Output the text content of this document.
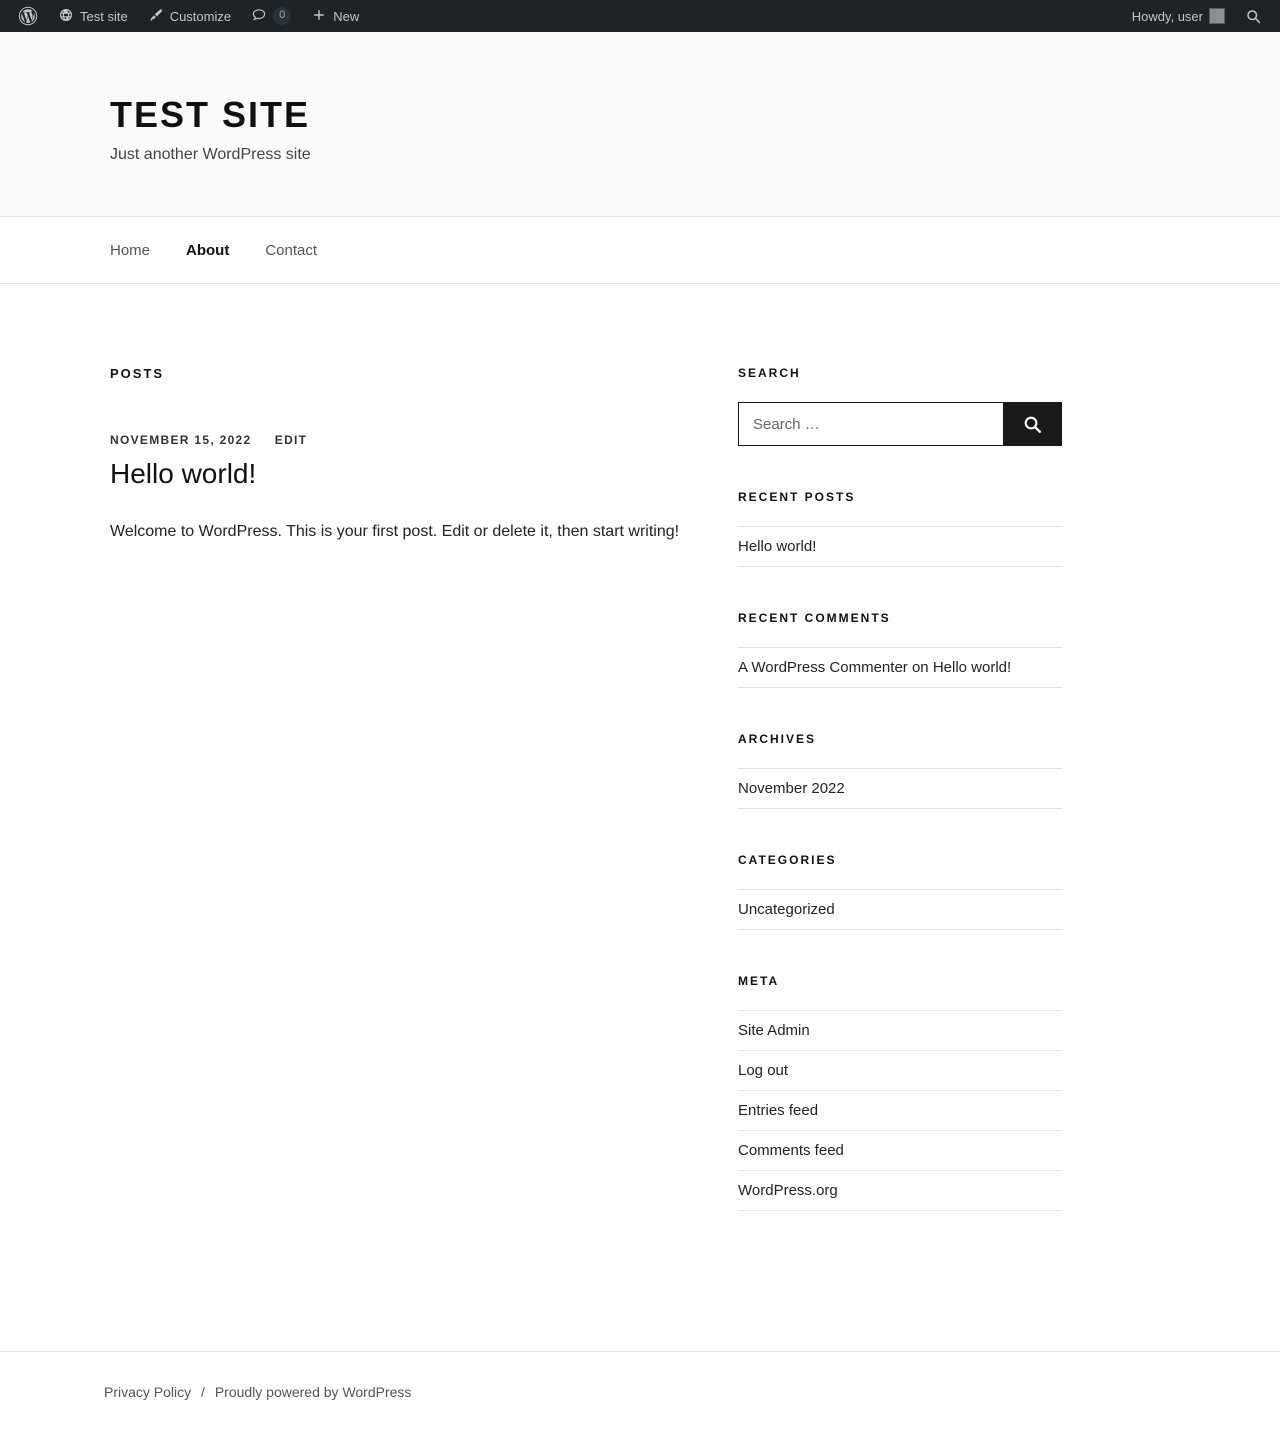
Test site	Customize	0	New	Howdy, user
TEST SITE

Just another WordPress site

Home About Contact
POSTS
NOVEMBER 15, 2022 EDIT
Hello world!

Welcome to WordPress. This is your first post. Edit or delete it, then start writing!

SEARCH
Search …
RECENT POSTS
Hello world!
RECENT COMMENTS
A WordPress Commenter on Hello world!
ARCHIVES
November 2022
CATEGORIES
Uncategorized
META
Site Admin
Log out
Entries feed
Comments feed
WordPress.org
Privacy Policy / Proudly powered by WordPress
